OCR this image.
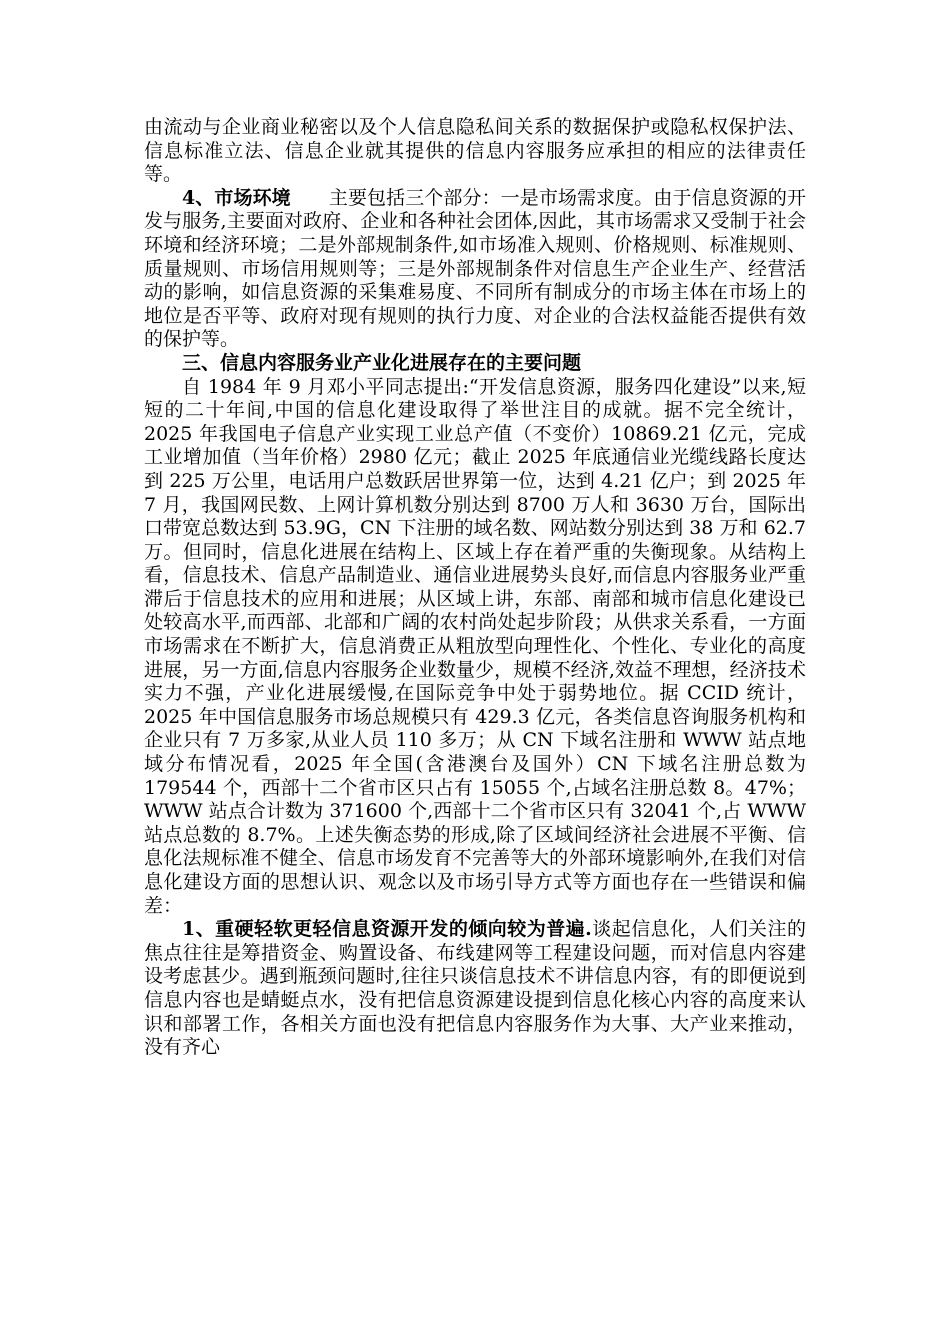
由流动与企业商业秘密以及个人信息隐私间关系的数据保护或隐私权保护法、信息标准立法、信息企业就其提供的信息内容服务应承担的相应的法律责任等。

4、市场环境 主要包括三个部分：一是市场需求度。由于信息资源的开发与服务,主要面对政府、企业和各种社会团体,因此，其市场需求又受制于社会环境和经济环境；二是外部规制条件,如市场准入规则、价格规则、标准规则、质量规则、市场信用规则等；三是外部规制条件对信息生产企业生产、经营活动的影响，如信息资源的采集难易度、不同所有制成分的市场主体在市场上的地位是否平等、政府对现有规则的执行力度、对企业的合法权益能否提供有效的保护等。

三、信息内容服务业产业化进展存在的主要问题

自 1984 年 9 月邓小平同志提出:“开发信息资源，服务四化建设”以来,短短的二十年间,中国的信息化建设取得了举世注目的成就。据不完全统计，2025 年我国电子信息产业实现工业总产值（不变价）10869.21 亿元，完成工业增加值（当年价格）2980 亿元；截止 2025 年底通信业光缆线路长度达到 225 万公里，电话用户总数跃居世界第一位，达到 4.21 亿户；到 2025 年 7 月，我国网民数、上网计算机数分别达到 8700 万人和 3630 万台，国际出口带宽总数达到 53.9G，CN 下注册的域名数、网站数分别达到 38 万和 62.7 万。但同时，信息化进展在结构上、区域上存在着严重的失衡现象。从结构上看，信息技术、信息产品制造业、通信业进展势头良好,而信息内容服务业严重滞后于信息技术的应用和进展；从区域上讲，东部、南部和城市信息化建设已处较高水平,而西部、北部和广阔的农村尚处起步阶段；从供求关系看，一方面市场需求在不断扩大，信息消费正从粗放型向理性化、个性化、专业化的高度进展，另一方面,信息内容服务企业数量少，规模不经济,效益不理想，经济技术实力不强，产业化进展缓慢,在国际竞争中处于弱势地位。据 CCID 统计，2025 年中国信息服务市场总规模只有 429.3 亿元，各类信息咨询服务机构和企业只有 7 万多家,从业人员 110 多万；从 CN 下域名注册和 WWW 站点地域分布情况看，2025 年全国(含港澳台及国外）CN 下域名注册总数为 179544 个，西部十二个省市区只占有 15055 个,占域名注册总数 8。47%；WWW 站点合计数为 371600 个,西部十二个省市区只有 32041 个,占 WWW 站点总数的 8.7%。上述失衡态势的形成,除了区域间经济社会进展不平衡、信息化法规标准不健全、信息市场发育不完善等大的外部环境影响外,在我们对信息化建设方面的思想认识、观念以及市场引导方式等方面也存在一些错误和偏差：

1、重硬轻软更轻信息资源开发的倾向较为普遍.谈起信息化，人们关注的焦点往往是筹措资金、购置设备、布线建网等工程建设问题，而对信息内容建设考虑甚少。遇到瓶颈问题时,往往只谈信息技术不讲信息内容，有的即便说到信息内容也是蜻蜓点水，没有把信息资源建设提到信息化核心内容的高度来认识和部署工作，各相关方面也没有把信息内容服务作为大事、大产业来推动，没有齐心
